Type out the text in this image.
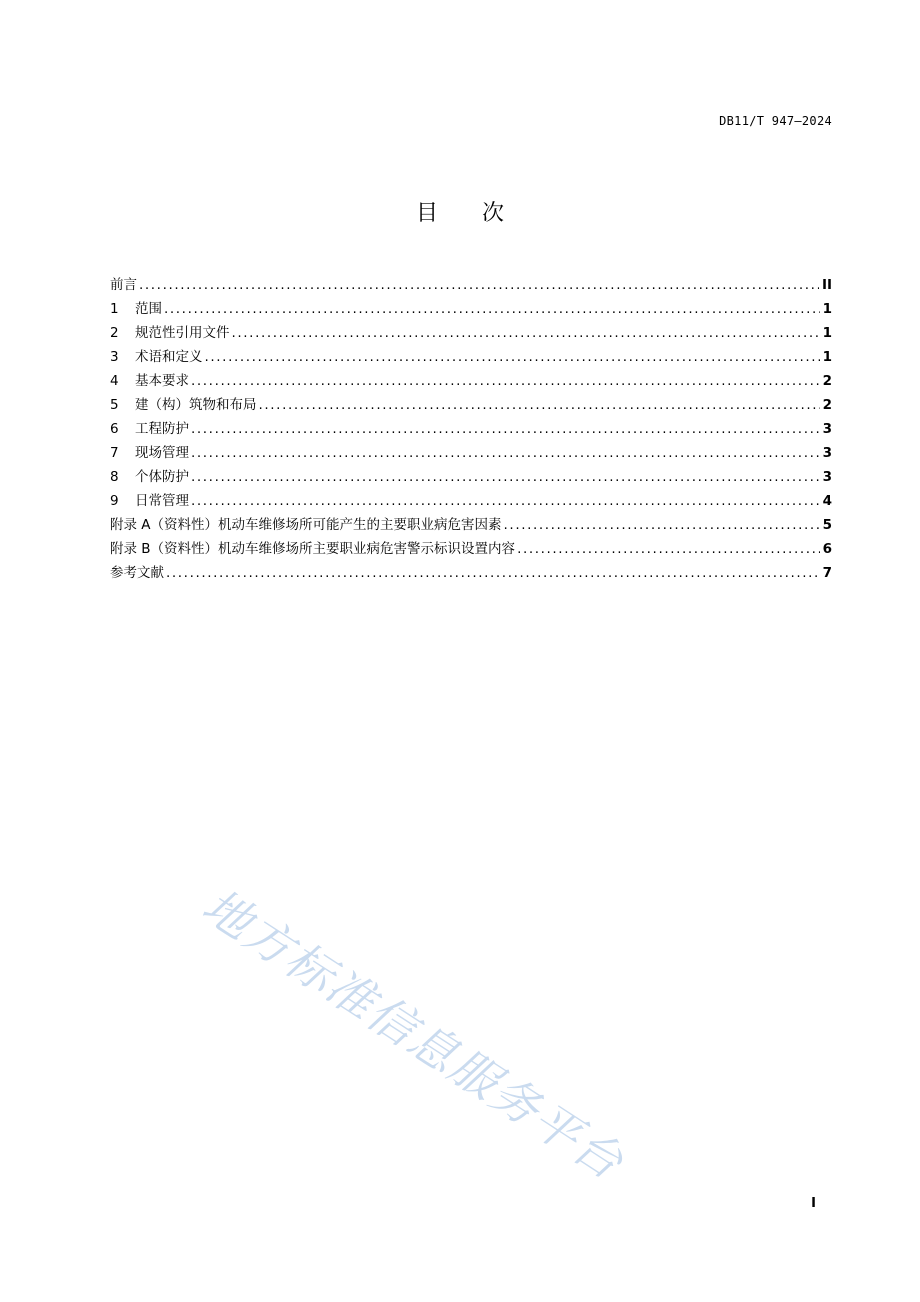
DB11/T 947—2024
目次
前言 .....	II
1	范围 .....	1
2	规范性引用文件 .....	1
3	术语和定义 .....	1
4	基本要求 .....	2
5	建（构）筑物和布局 .....	2
6	工程防护 .....	3
7	现场管理 .....	3
8	个体防护 .....	3
9	日常管理 .....	4
附录 A（资料性）机动车维修场所可能产生的主要职业病危害因素 .....	5
附录 B（资料性）机动车维修场所主要职业病危害警示标识设置内容 .....	6
参考文献 .....	7
地方标准信息服务平台
I
